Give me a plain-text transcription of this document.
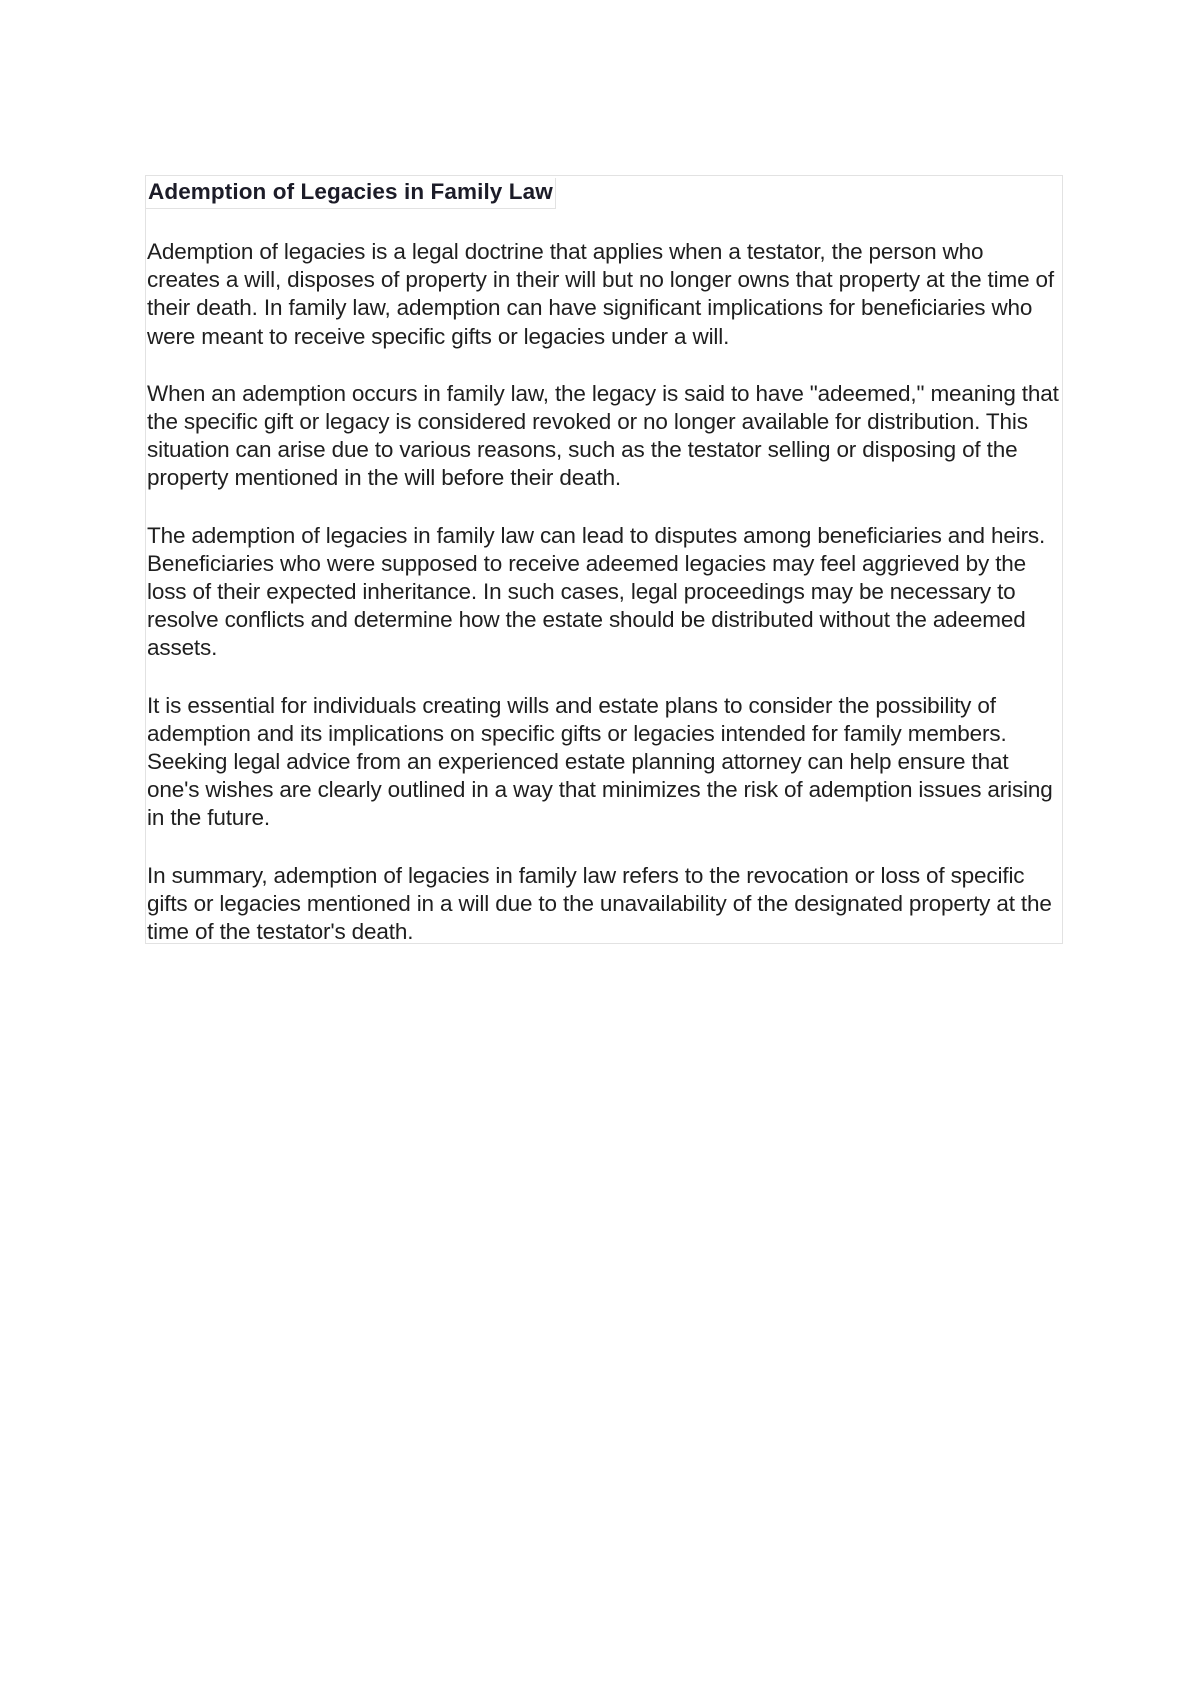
Ademption of Legacies in Family Law

Ademption of legacies is a legal doctrine that applies when a testator, the person who creates a will, disposes of property in their will but no longer owns that property at the time of their death. In family law, ademption can have significant implications for beneficiaries who were meant to receive specific gifts or legacies under a will.

When an ademption occurs in family law, the legacy is said to have "adeemed," meaning that the specific gift or legacy is considered revoked or no longer available for distribution. This situation can arise due to various reasons, such as the testator selling or disposing of the property mentioned in the will before their death.

The ademption of legacies in family law can lead to disputes among beneficiaries and heirs. Beneficiaries who were supposed to receive adeemed legacies may feel aggrieved by the loss of their expected inheritance. In such cases, legal proceedings may be necessary to resolve conflicts and determine how the estate should be distributed without the adeemed assets.

It is essential for individuals creating wills and estate plans to consider the possibility of ademption and its implications on specific gifts or legacies intended for family members. Seeking legal advice from an experienced estate planning attorney can help ensure that one's wishes are clearly outlined in a way that minimizes the risk of ademption issues arising in the future.

In summary, ademption of legacies in family law refers to the revocation or loss of specific gifts or legacies mentioned in a will due to the unavailability of the designated property at the time of the testator's death.
